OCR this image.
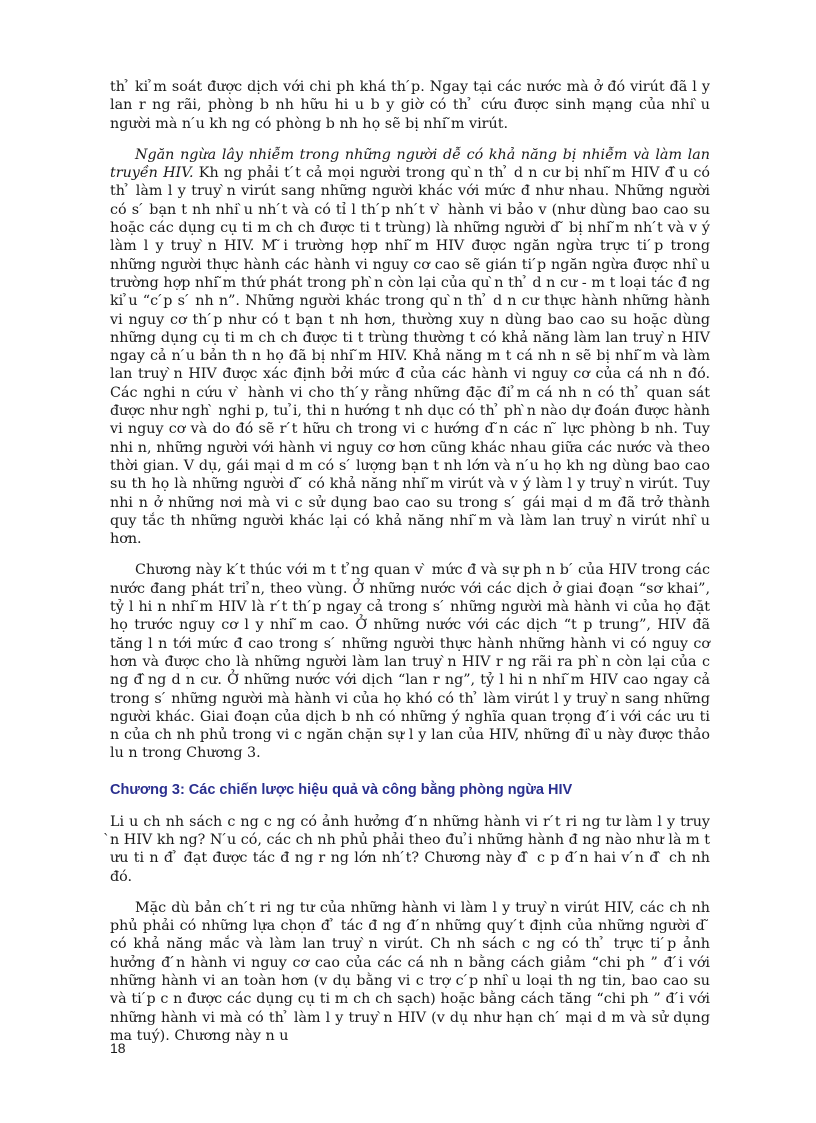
th ̉ ki ̉m soát được dịch với chi ph khá th ́p. Ngay tại các nước mà ở đó virút đã l y lan r ng rãi, phòng b nh hữu hi u b y giờ có th ̉ cứu được sinh mạng của nhi ̀u người mà n ́u kh ng có phòng b nh họ sẽ bị nhi ̃m virút.

Ngăn ngừa lây nhiễm trong những người dễ có khả năng bị nhiễm và làm lan truyền HIV. Kh ng phải t ́t cả mọi người trong qu ̀n th ̉ d n cư bị nhi ̃m HIV đ ̀u có th ̉ làm l y truy ̀n virút sang những người khác với mức đ như nhau. Những người có s ́ bạn t nh nhi ̀u nh ́t và có tỉ l th ́p nh ́t v ̀ hành vi bảo v (như dùng bao cao su hoặc các dụng cụ ti m ch ch được ti t trùng) là những người d ̃ bị nhi ̃m nh ́t và v ý làm l y truy ̀n HIV. M ̃i trường hợp nhi ̃m HIV được ngăn ngừa trực ti ́p trong những người thực hành các hành vi nguy cơ cao sẽ gián ti ́p ngăn ngừa được nhi ̀u trường hợp nhi ̃m thứ phát trong ph ̀n còn lại của qu ̀n th ̉ d n cư - m t loại tác đ ng ki ̉u “c ́p s ́ nh n”. Những người khác trong qu ̀n th ̉ d n cư thực hành những hành vi nguy cơ th ́p như có t bạn t nh hơn, thường xuy n dùng bao cao su hoặc dùng những dụng cụ ti m ch ch được ti t trùng thường t có khả năng làm lan truy ̀n HIV ngay cả n ́u bản th n họ đã bị nhi ̃m HIV. Khả năng m t cá nh n sẽ bị nhi ̃m và làm lan truy ̀n HIV được xác định bởi mức đ của các hành vi nguy cơ của cá nh n đó. Các nghi n cứu v ̀ hành vi cho th ́y rằng những đặc đi ̉m cá nh n có th ̉ quan sát được như ngh ̀ nghi p, tu ̉i, thi n hướng t nh dục có th ̉ ph ̀n nào dự đoán được hành vi nguy cơ và do đó sẽ r ́t hữu ch trong vi c hướng d ̃n các n ̃ lực phòng b nh. Tuy nhi n, những người với hành vi nguy cơ hơn cũng khác nhau giữa các nước và theo thời gian. V dụ, gái mại d m có s ́ lượng bạn t nh lớn và n ́u họ kh ng dùng bao cao su th họ là những người d ̃ có khả năng nhi ̃m virút và v ý làm l y truy ̀n virút. Tuy nhi n ở những nơi mà vi c sử dụng bao cao su trong s ́ gái mại d m đã trở thành quy tắc th những người khác lại có khả năng nhi ̃m và làm lan truy ̀n virút nhi ̀u hơn.

Chương này k ́t thúc với m t t ̉ng quan v ̀ mức đ và sự ph n b ́ của HIV trong các nước đang phát tri ̉n, theo vùng. Ở những nước với các dịch ở giai đoạn “sơ khai”, tỷ l hi n nhi ̃m HIV là r ́t th ́p ngay cả trong s ́ những người mà hành vi của họ đặt họ trước nguy cơ l y nhi ̃m cao. Ở những nước với các dịch “t p trung”, HIV đã tăng l n tới mức đ cao trong s ́ những người thực hành những hành vi có nguy cơ hơn và được cho là những người làm lan truy ̀n HIV r ng rãi ra ph ̀n còn lại của c ng đ ̀ng d n cư. Ở những nước với dịch “lan r ng”, tỷ l hi n nhi ̃m HIV cao ngay cả trong s ́ những người mà hành vi của họ khó có th ̉ làm virút l y truy ̀n sang những người khác. Giai đoạn của dịch b nh có những ý nghĩa quan trọng đ ́i với các ưu ti n của ch nh phủ trong vi c ngăn chặn sự l y lan của HIV, những đi ̀u này được thảo lu n trong Chương 3.

Chương 3: Các chiến lược hiệu quả và công bằng phòng ngừa HIV

Li u ch nh sách c ng c ng có ảnh hưởng đ ́n những hành vi r ́t ri ng tư làm l y truy ̀n HIV kh ng? N ́u có, các ch nh phủ phải theo đu ̉i những hành đ ng nào như là m t ưu ti n đ ̉ đạt được tác đ ng r ng lớn nh ́t? Chương này đ ̀ c p đ ́n hai v ́n đ ̀ ch nh đó.

Mặc dù bản ch ́t ri ng tư của những hành vi làm l y truy ̀n virút HIV, các ch nh phủ phải có những lựa chọn đ ̉ tác đ ng đ ́n những quy ́t định của những người d ̃ có khả năng mắc và làm lan truy ̀n virút. Ch nh sách c ng có th ̉ trực ti ́p ảnh hưởng đ ́n hành vi nguy cơ cao của các cá nh n bằng cách giảm “chi ph ” đ ́i với những hành vi an toàn hơn (v dụ bằng vi c trợ c ́p nhi ̀u loại th ng tin, bao cao su và ti ́p c n được các dụng cụ ti m ch ch sạch) hoặc bằng cách tăng “chi ph ” đ ́i với những hành vi mà có th ̉ làm l y truy ̀n HIV (v dụ như hạn ch ́ mại d m và sử dụng ma tuý). Chương này n u

18
